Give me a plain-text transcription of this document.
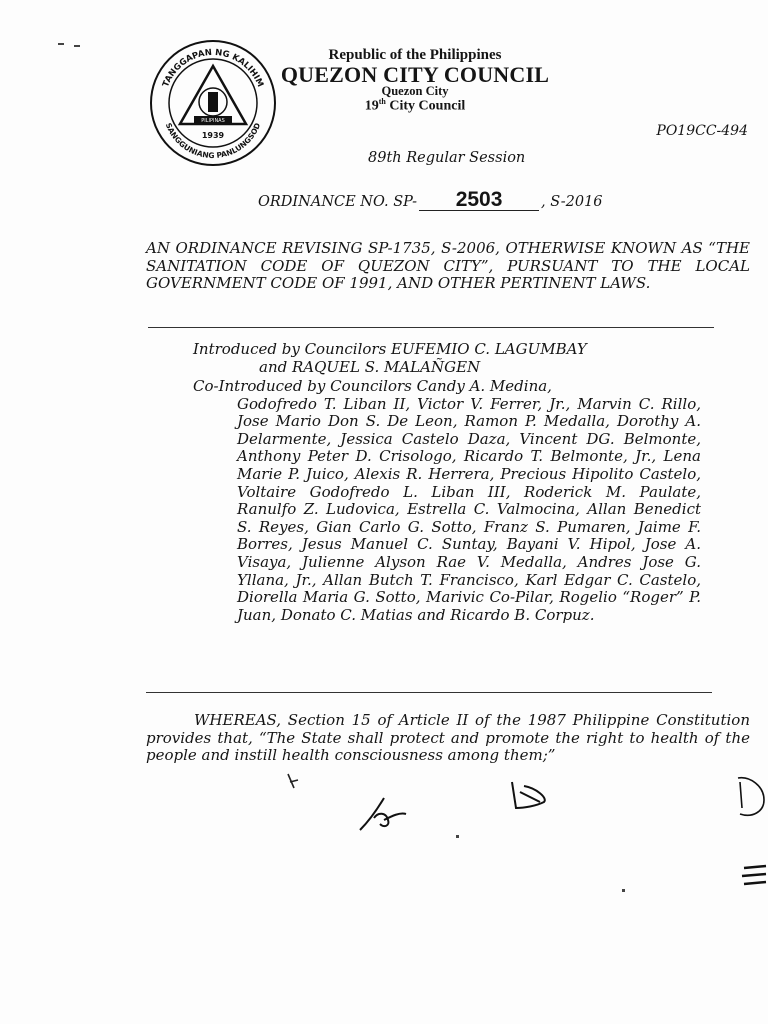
TANGGAPAN NG KALIHIM
SANGGUNIANG PANLUNGSOD
PILIPINAS
1939
Republic of the Philippines
QUEZON CITY COUNCIL
Quezon City
19th City Council
PO19CC-494
89th Regular Session
ORDINANCE NO. SP- 2503	, S-2016
AN ORDINANCE REVISING SP-1735, S-2006, OTHERWISE KNOWN AS “THE SANITATION CODE OF QUEZON CITY”, PURSUANT TO THE LOCAL GOVERNMENT CODE OF 1991, AND OTHER PERTINENT LAWS.
Introduced by Councilors EUFEMIO C. LAGUMBAY
and RAQUEL S. MALAÑGEN
Co-Introduced by Councilors Candy A. Medina,
Godofredo T. Liban II, Victor V. Ferrer, Jr., Marvin C. Rillo, Jose Mario Don S. De Leon, Ramon P. Medalla, Dorothy A. Delarmente, Jessica Castelo Daza, Vincent DG. Belmonte, Anthony Peter D. Crisologo, Ricardo T. Belmonte, Jr., Lena Marie P. Juico, Alexis R. Herrera, Precious Hipolito Castelo, Voltaire Godofredo L. Liban III, Roderick M. Paulate, Ranulfo Z. Ludovica, Estrella C. Valmocina, Allan Benedict S. Reyes, Gian Carlo G. Sotto, Franz S. Pumaren, Jaime F. Borres, Jesus Manuel C. Suntay, Bayani V. Hipol, Jose A. Visaya, Julienne Alyson Rae V. Medalla, Andres Jose G. Yllana, Jr., Allan Butch T. Francisco, Karl Edgar C. Castelo, Diorella Maria G. Sotto, Marivic Co-Pilar, Rogelio “Roger” P. Juan, Donato C. Matias and Ricardo B. Corpuz.
WHEREAS, Section 15 of Article II of the 1987 Philippine Constitution provides that, “The State shall protect and promote the right to health of the people and instill health consciousness among them;”
